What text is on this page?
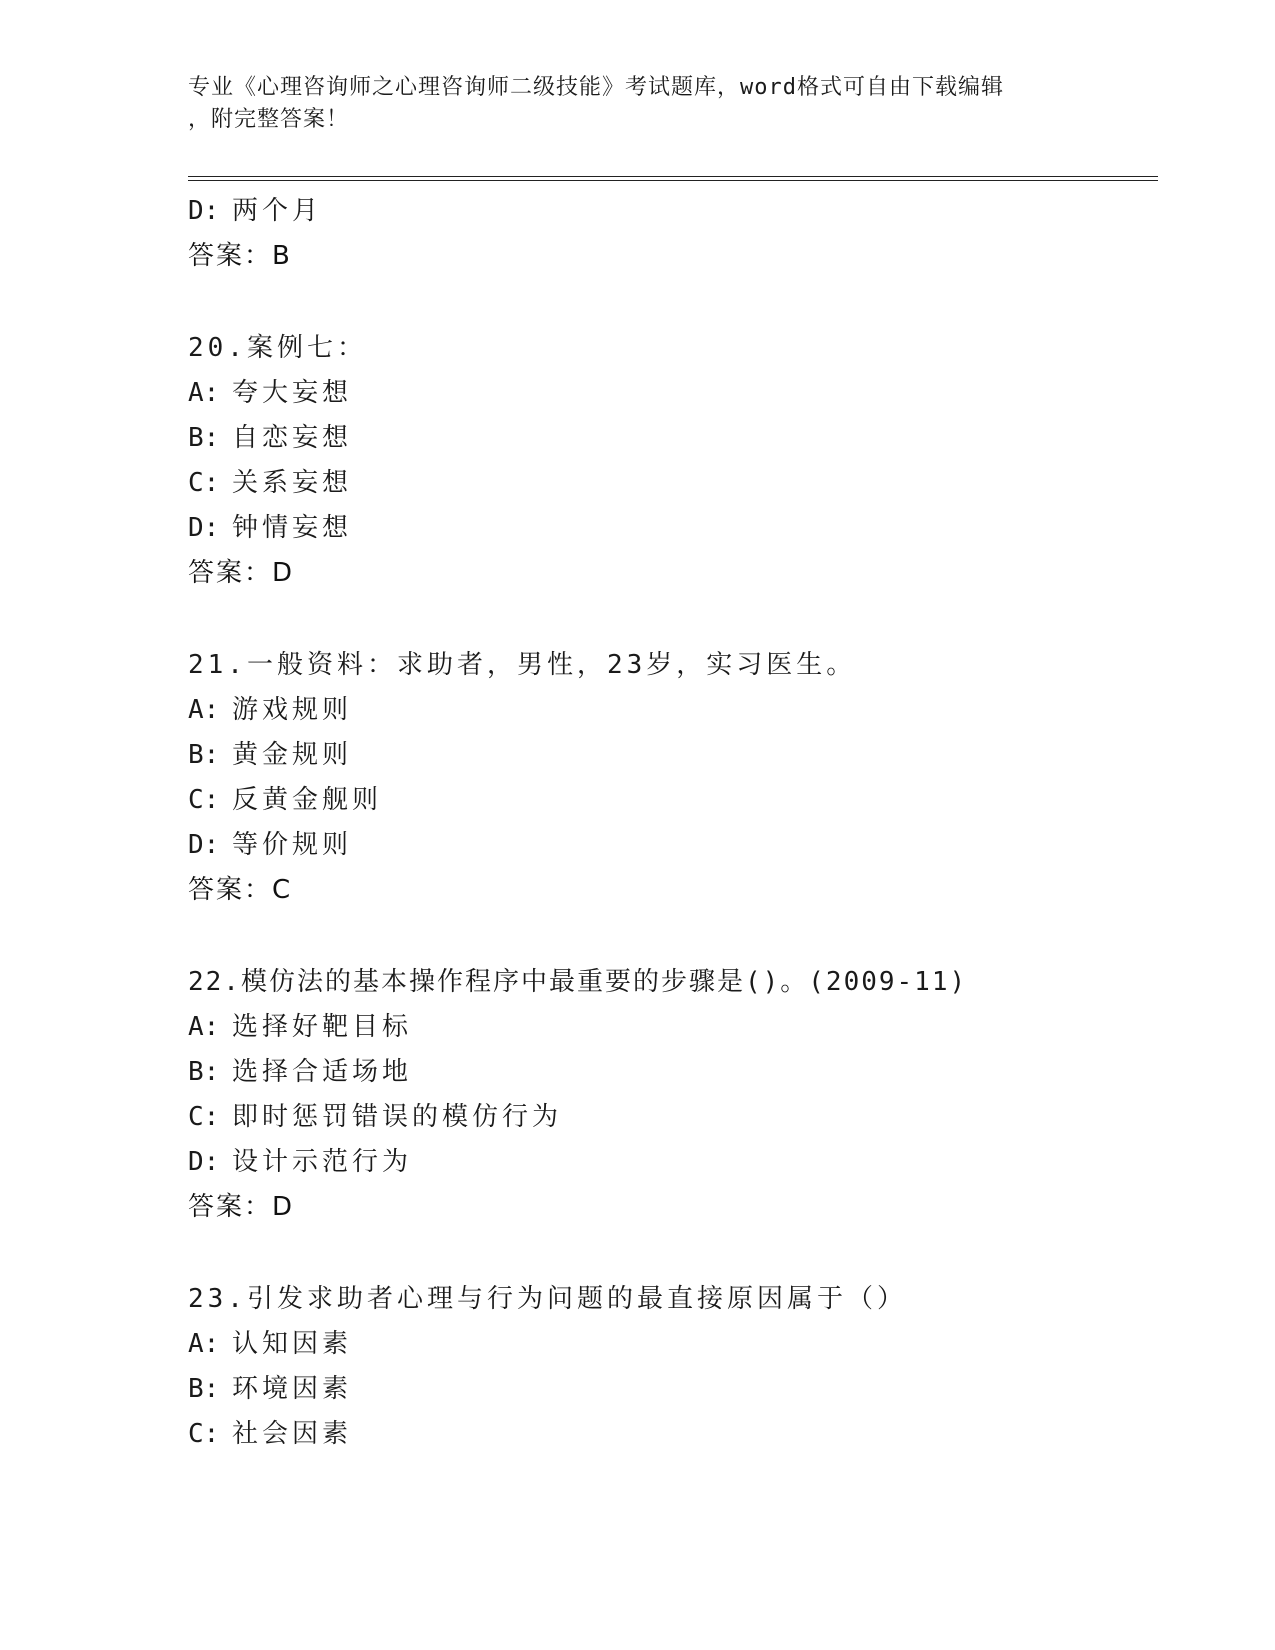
专业《心理咨询师之心理咨询师二级技能》考试题库，word格式可自由下载编辑
，附完整答案！
D: 两个月
答案：B
20.案例七：
A: 夸大妄想
B: 自恋妄想
C: 关系妄想
D: 钟情妄想
答案：D
21.一般资料：求助者，男性，23岁，实习医生。
A: 游戏规则
B: 黄金规则
C: 反黄金舰则
D: 等价规则
答案：C
22.模仿法的基本操作程序中最重要的步骤是()。(2009-11)
A: 选择好靶目标
B: 选择合适场地
C: 即时惩罚错误的模仿行为
D: 设计示范行为
答案：D
23.引发求助者心理与行为问题的最直接原因属于（）
A: 认知因素
B: 环境因素
C: 社会因素
